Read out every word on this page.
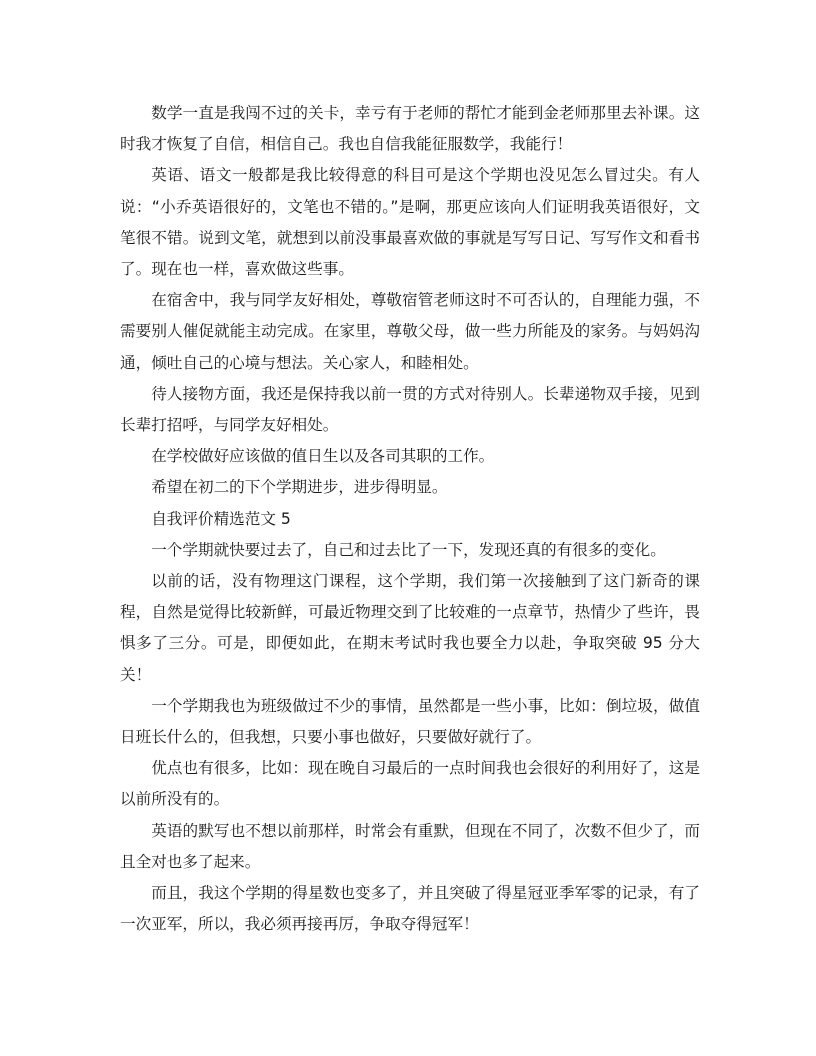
数学一直是我闯不过的关卡，幸亏有于老师的帮忙才能到金老师那里去补课。这时我才恢复了自信，相信自己。我也自信我能征服数学，我能行！

英语、语文一般都是我比较得意的科目可是这个学期也没见怎么冒过尖。有人说：“小乔英语很好的，文笔也不错的。”是啊，那更应该向人们证明我英语很好，文笔很不错。说到文笔，就想到以前没事最喜欢做的事就是写写日记、写写作文和看书了。现在也一样，喜欢做这些事。

在宿舍中，我与同学友好相处，尊敬宿管老师这时不可否认的，自理能力强，不需要别人催促就能主动完成。在家里，尊敬父母，做一些力所能及的家务。与妈妈沟通，倾吐自己的心境与想法。关心家人，和睦相处。

待人接物方面，我还是保持我以前一贯的方式对待别人。长辈递物双手接，见到长辈打招呼，与同学友好相处。

在学校做好应该做的值日生以及各司其职的工作。

希望在初二的下个学期进步，进步得明显。

自我评价精选范文 5

一个学期就快要过去了，自己和过去比了一下，发现还真的有很多的变化。

以前的话，没有物理这门课程，这个学期，我们第一次接触到了这门新奇的课程，自然是觉得比较新鲜，可最近物理交到了比较难的一点章节，热情少了些许，畏惧多了三分。可是，即便如此，在期末考试时我也要全力以赴，争取突破 95 分大关！

一个学期我也为班级做过不少的事情，虽然都是一些小事，比如：倒垃圾，做值日班长什么的，但我想，只要小事也做好，只要做好就行了。

优点也有很多，比如：现在晚自习最后的一点时间我也会很好的利用好了，这是以前所没有的。

英语的默写也不想以前那样，时常会有重默，但现在不同了，次数不但少了，而且全对也多了起来。

而且，我这个学期的得星数也变多了，并且突破了得星冠亚季军零的记录，有了一次亚军，所以，我必须再接再厉，争取夺得冠军！
